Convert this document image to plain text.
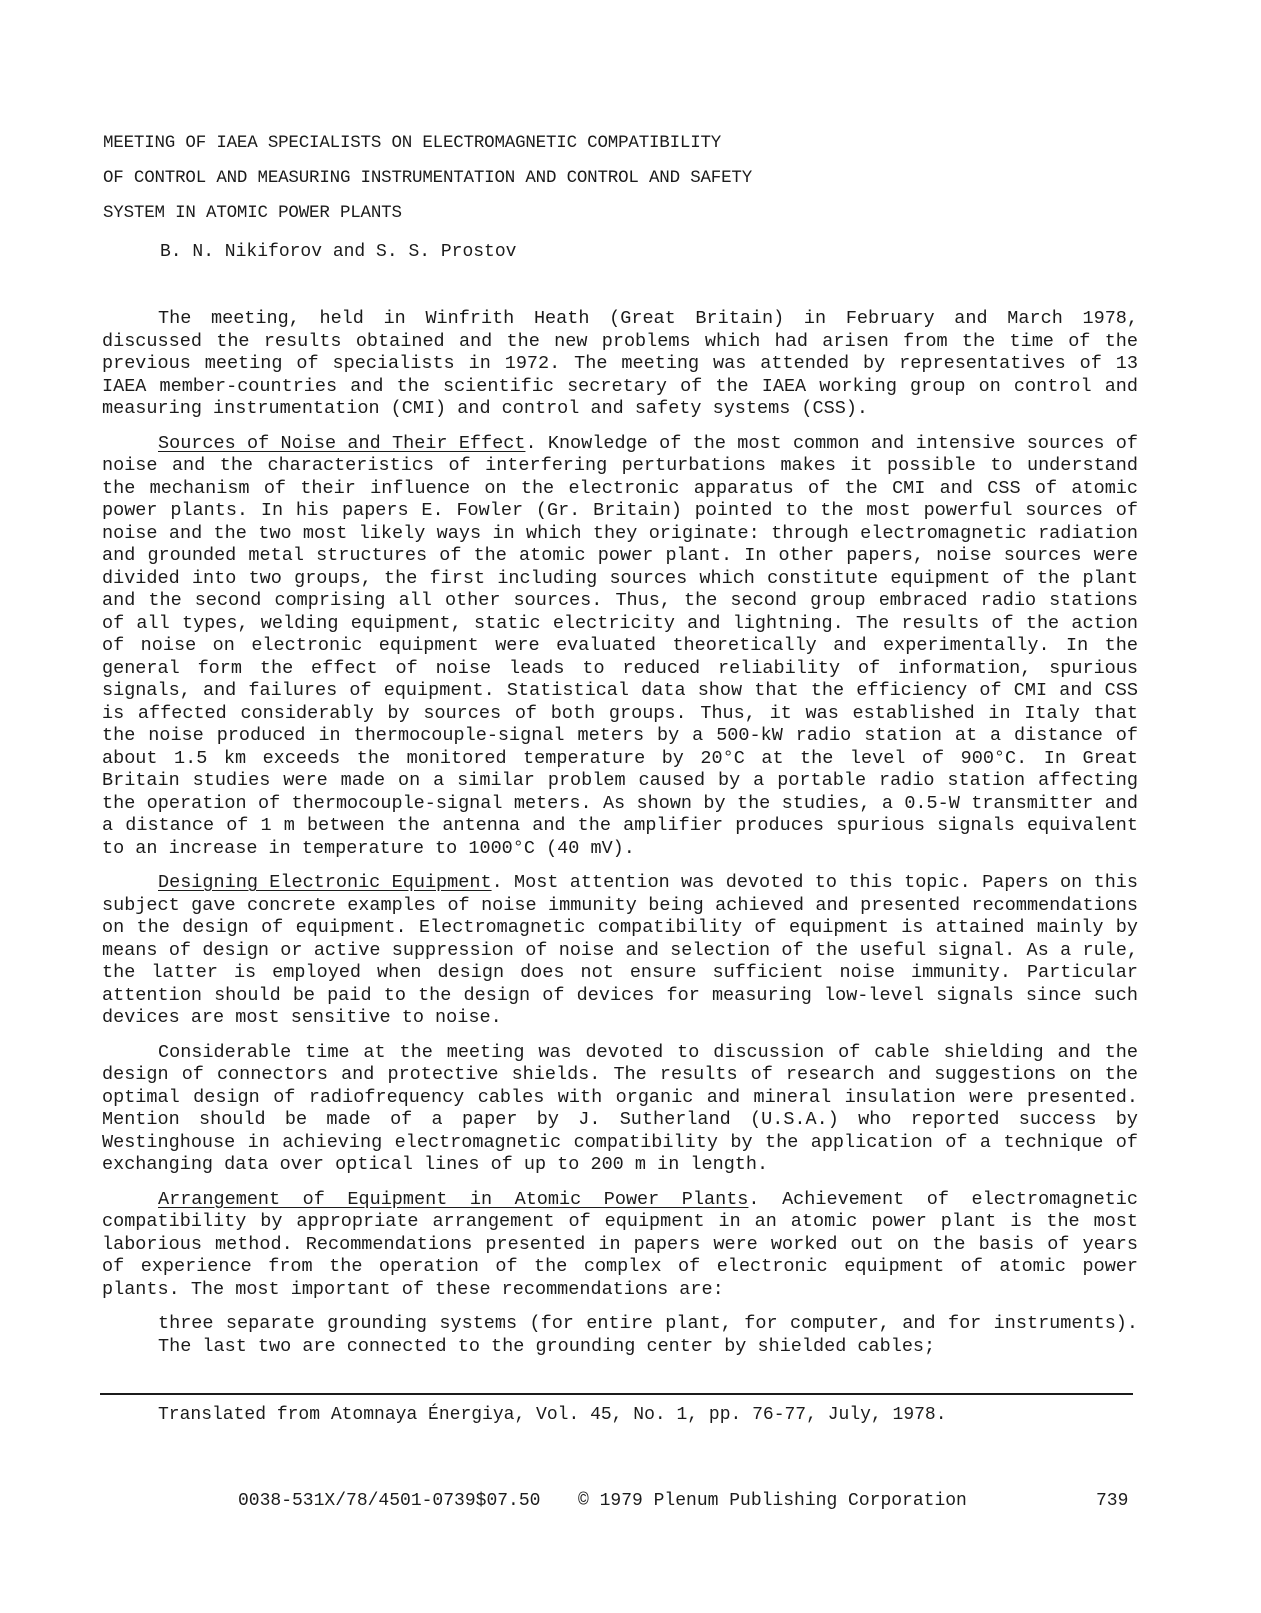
MEETING OF IAEA SPECIALISTS ON ELECTROMAGNETIC COMPATIBILITY
OF CONTROL AND MEASURING INSTRUMENTATION AND CONTROL AND SAFETY
SYSTEM IN ATOMIC POWER PLANTS
B. N. Nikiforov and S. S. Prostov

The meeting, held in Winfrith Heath (Great Britain) in February and March 1978, discussed the results obtained and the new problems which had arisen from the time of the previous meeting of specialists in 1972. The meeting was attended by representatives of 13 IAEA member-countries and the scientific secretary of the IAEA working group on control and measuring instrumentation (CMI) and control and safety systems (CSS).

Sources of Noise and Their Effect. Knowledge of the most common and intensive sources of noise and the characteristics of interfering perturbations makes it possible to understand the mechanism of their influence on the electronic apparatus of the CMI and CSS of atomic power plants. In his papers E. Fowler (Gr. Britain) pointed to the most powerful sources of noise and the two most likely ways in which they originate: through electromagnetic radiation and grounded metal structures of the atomic power plant. In other papers, noise sources were divided into two groups, the first including sources which constitute equipment of the plant and the second comprising all other sources. Thus, the second group embraced radio stations of all types, welding equipment, static electricity and lightning. The results of the action of noise on electronic equipment were evaluated theoretically and experimentally. In the general form the effect of noise leads to reduced reliability of information, spurious signals, and failures of equipment. Statistical data show that the efficiency of CMI and CSS is affected considerably by sources of both groups. Thus, it was established in Italy that the noise produced in thermocouple-signal meters by a 500-kW radio station at a distance of about 1.5 km exceeds the monitored temperature by 20°C at the level of 900°C. In Great Britain studies were made on a similar problem caused by a portable radio station affecting the operation of thermocouple-signal meters. As shown by the studies, a 0.5-W transmitter and a distance of 1 m between the antenna and the amplifier produces spurious signals equivalent to an increase in temperature to 1000°C (40 mV).

Designing Electronic Equipment. Most attention was devoted to this topic. Papers on this subject gave concrete examples of noise immunity being achieved and presented recommendations on the design of equipment. Electromagnetic compatibility of equipment is attained mainly by means of design or active suppression of noise and selection of the useful signal. As a rule, the latter is employed when design does not ensure sufficient noise immunity. Particular attention should be paid to the design of devices for measuring low-level signals since such devices are most sensitive to noise.

Considerable time at the meeting was devoted to discussion of cable shielding and the design of connectors and protective shields. The results of research and suggestions on the optimal design of radiofrequency cables with organic and mineral insulation were presented. Mention should be made of a paper by J. Sutherland (U.S.A.) who reported success by Westinghouse in achieving electromagnetic compatibility by the application of a technique of exchanging data over optical lines of up to 200 m in length.

Arrangement of Equipment in Atomic Power Plants. Achievement of electromagnetic compatibility by appropriate arrangement of equipment in an atomic power plant is the most laborious method. Recommendations presented in papers were worked out on the basis of years of experience from the operation of the complex of electronic equipment of atomic power plants. The most important of these recommendations are:

three separate grounding systems (for entire plant, for computer, and for instruments). The last two are connected to the grounding center by shielded cables;

Translated from Atomnaya Énergiya, Vol. 45, No. 1, pp. 76-77, July, 1978.
0038-531X/78/4501-0739$07.50 © 1979 Plenum Publishing Corporation	739
